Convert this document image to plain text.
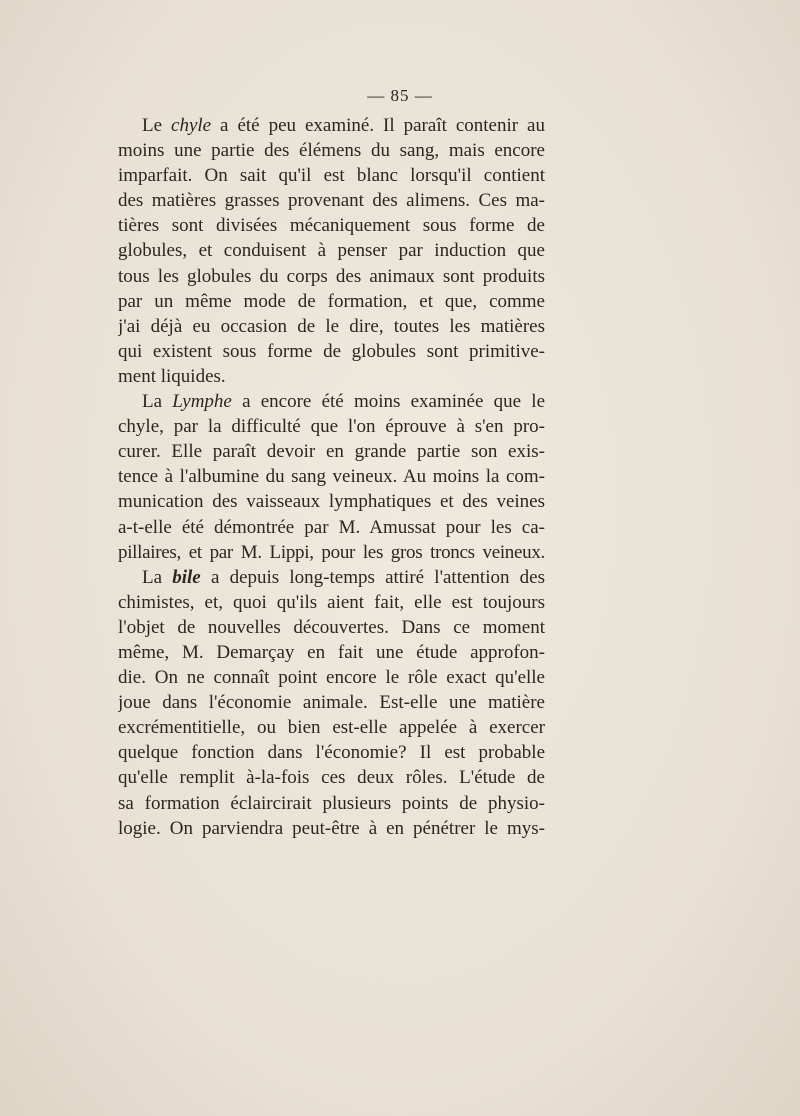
— 85 —
Le chyle a été peu examiné. Il paraît contenir au
moins une partie des élémens du sang, mais encore
imparfait. On sait qu'il est blanc lorsqu'il contient
des matières grasses provenant des alimens. Ces ma-
tières sont divisées mécaniquement sous forme de
globules, et conduisent à penser par induction que
tous les globules du corps des animaux sont produits
par un même mode de formation, et que, comme
j'ai déjà eu occasion de le dire, toutes les matières
qui existent sous forme de globules sont primitive-
ment liquides.
La Lymphe a encore été moins examinée que le
chyle, par la difficulté que l'on éprouve à s'en pro-
curer. Elle paraît devoir en grande partie son exis-
tence à l'albumine du sang veineux. Au moins la com-
munication des vaisseaux lymphatiques et des veines
a-t-elle été démontrée par M. Amussat pour les ca-
pillaires, et par M. Lippi, pour les gros troncs veineux.
La bile a depuis long-temps attiré l'attention des
chimistes, et, quoi qu'ils aient fait, elle est toujours
l'objet de nouvelles découvertes. Dans ce moment
même, M. Demarçay en fait une étude approfon-
die. On ne connaît point encore le rôle exact qu'elle
joue dans l'économie animale. Est-elle une matière
excrémentitielle, ou bien est-elle appelée à exercer
quelque fonction dans l'économie? Il est probable
qu'elle remplit à-la-fois ces deux rôles. L'étude de
sa formation éclaircirait plusieurs points de physio-
logie. On parviendra peut-être à en pénétrer le mys-
